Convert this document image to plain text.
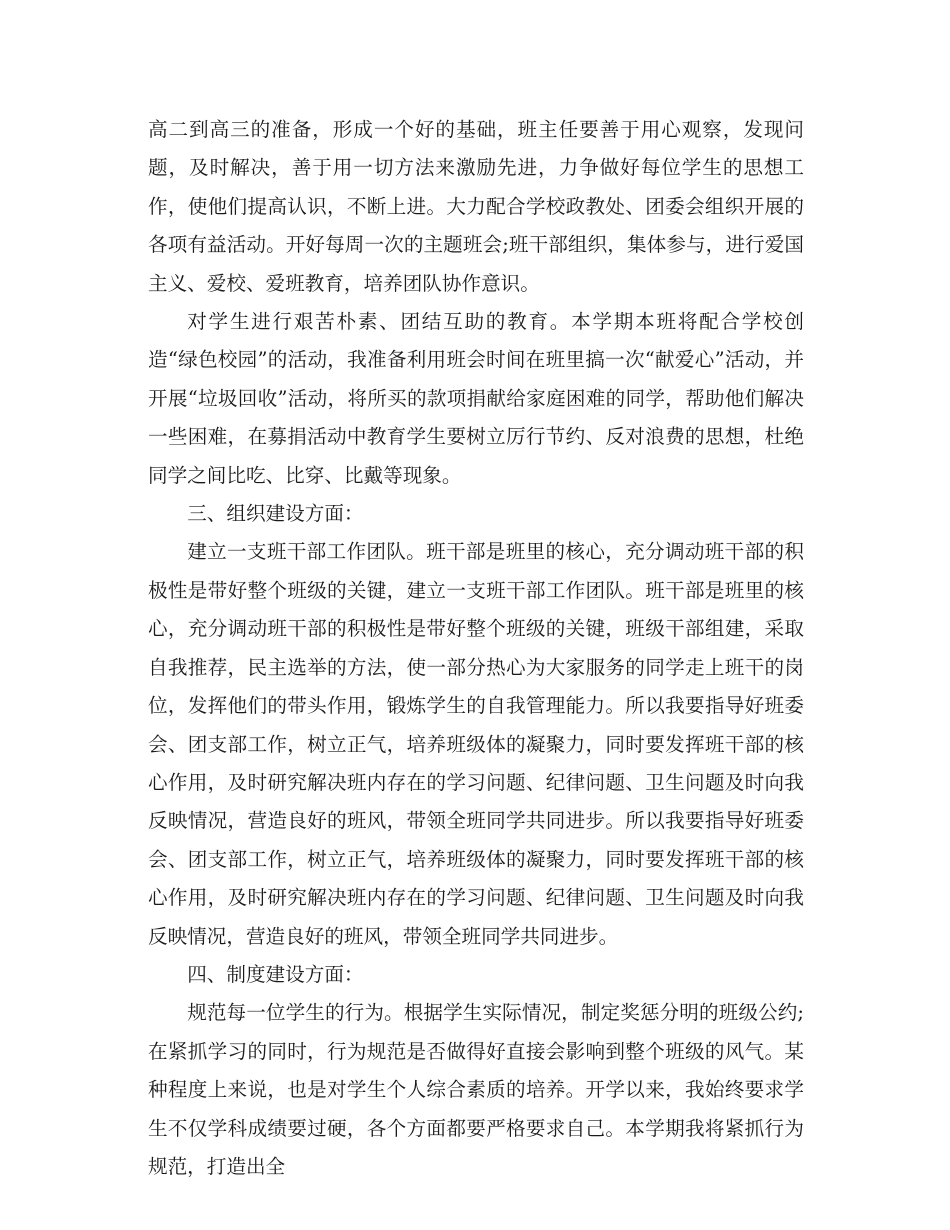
高二到高三的准备，形成一个好的基础，班主任要善于用心观察，发现问题，及时解决，善于用一切方法来激励先进，力争做好每位学生的思想工作，使他们提高认识，不断上进。大力配合学校政教处、团委会组织开展的各项有益活动。开好每周一次的主题班会;班干部组织，集体参与，进行爱国主义、爱校、爱班教育，培养团队协作意识。

对学生进行艰苦朴素、团结互助的教育。本学期本班将配合学校创造“绿色校园”的活动，我准备利用班会时间在班里搞一次“献爱心”活动，并开展“垃圾回收”活动，将所买的款项捐献给家庭困难的同学，帮助他们解决一些困难，在募捐活动中教育学生要树立厉行节约、反对浪费的思想，杜绝同学之间比吃、比穿、比戴等现象。

三、组织建设方面：

建立一支班干部工作团队。班干部是班里的核心，充分调动班干部的积极性是带好整个班级的关键，建立一支班干部工作团队。班干部是班里的核心，充分调动班干部的积极性是带好整个班级的关键，班级干部组建，采取自我推荐，民主选举的方法，使一部分热心为大家服务的同学走上班干的岗位，发挥他们的带头作用，锻炼学生的自我管理能力。所以我要指导好班委会、团支部工作，树立正气，培养班级体的凝聚力，同时要发挥班干部的核心作用，及时研究解决班内存在的学习问题、纪律问题、卫生问题及时向我反映情况，营造良好的班风，带领全班同学共同进步。所以我要指导好班委会、团支部工作，树立正气，培养班级体的凝聚力，同时要发挥班干部的核心作用，及时研究解决班内存在的学习问题、纪律问题、卫生问题及时向我反映情况，营造良好的班风，带领全班同学共同进步。

四、制度建设方面：

规范每一位学生的行为。根据学生实际情况，制定奖惩分明的班级公约;在紧抓学习的同时，行为规范是否做得好直接会影响到整个班级的风气。某种程度上来说，也是对学生个人综合素质的培养。开学以来，我始终要求学生不仅学科成绩要过硬，各个方面都要严格要求自己。本学期我将紧抓行为规范，打造出全
